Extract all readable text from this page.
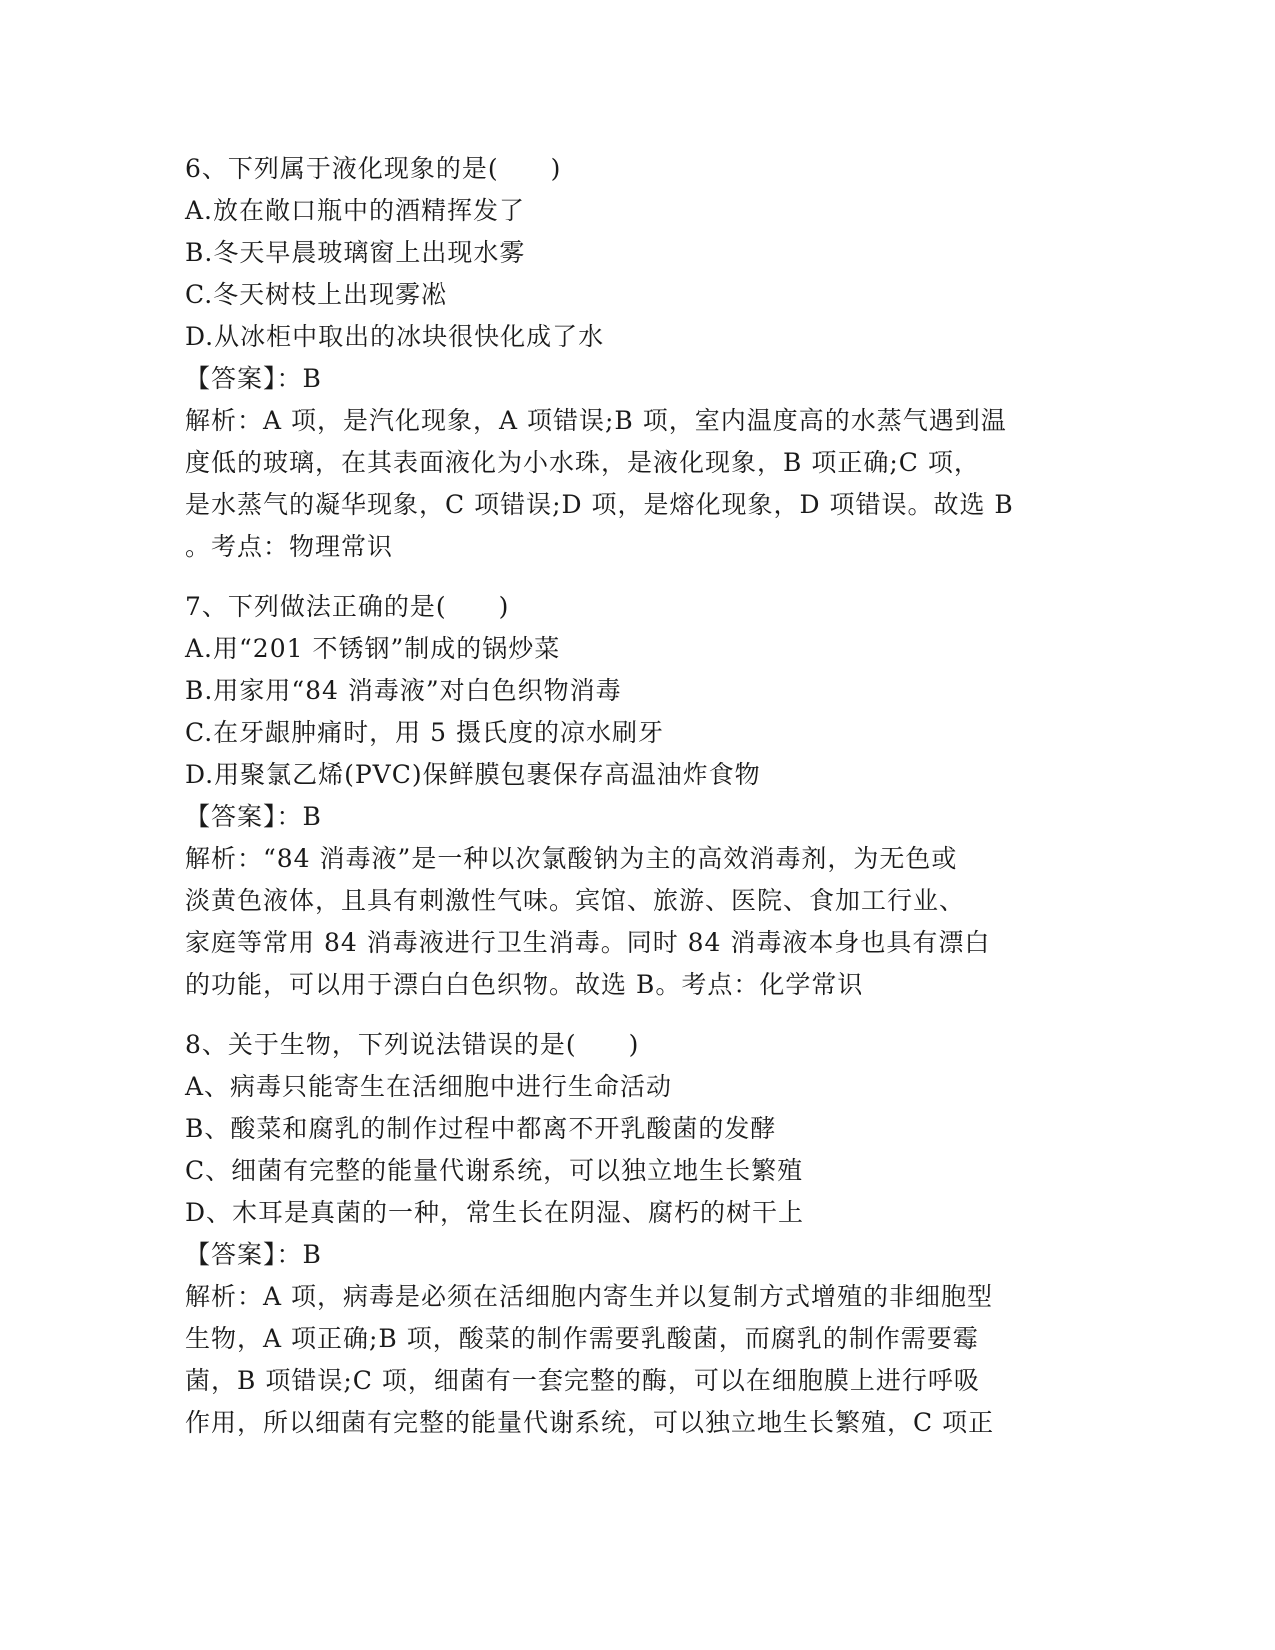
6、下列属于液化现象的是(　　)
A.放在敞口瓶中的酒精挥发了
B.冬天早晨玻璃窗上出现水雾
C.冬天树枝上出现雾凇
D.从冰柜中取出的冰块很快化成了水
【答案】：B
解析：A 项，是汽化现象，A 项错误;B 项，室内温度高的水蒸气遇到温
度低的玻璃，在其表面液化为小水珠，是液化现象，B 项正确;C 项，
是水蒸气的凝华现象，C 项错误;D 项，是熔化现象，D 项错误。故选 B
。考点：物理常识
7、下列做法正确的是(　　)
A.用“201 不锈钢”制成的锅炒菜
B.用家用“84 消毒液”对白色织物消毒
C.在牙龈肿痛时，用 5 摄氏度的凉水刷牙
D.用聚氯乙烯(PVC)保鲜膜包裹保存高温油炸食物
【答案】：B
解析：“84 消毒液”是一种以次氯酸钠为主的高效消毒剂，为无色或
淡黄色液体，且具有刺激性气味。宾馆、旅游、医院、食加工行业、
家庭等常用 84 消毒液进行卫生消毒。同时 84 消毒液本身也具有漂白
的功能，可以用于漂白白色织物。故选 B。考点：化学常识
8、关于生物，下列说法错误的是(　　)
A、病毒只能寄生在活细胞中进行生命活动
B、酸菜和腐乳的制作过程中都离不开乳酸菌的发酵
C、细菌有完整的能量代谢系统，可以独立地生长繁殖
D、木耳是真菌的一种，常生长在阴湿、腐朽的树干上
【答案】：B
解析：A 项，病毒是必须在活细胞内寄生并以复制方式增殖的非细胞型
生物，A 项正确;B 项，酸菜的制作需要乳酸菌，而腐乳的制作需要霉
菌，B 项错误;C 项，细菌有一套完整的酶，可以在细胞膜上进行呼吸
作用，所以细菌有完整的能量代谢系统，可以独立地生长繁殖，C 项正
